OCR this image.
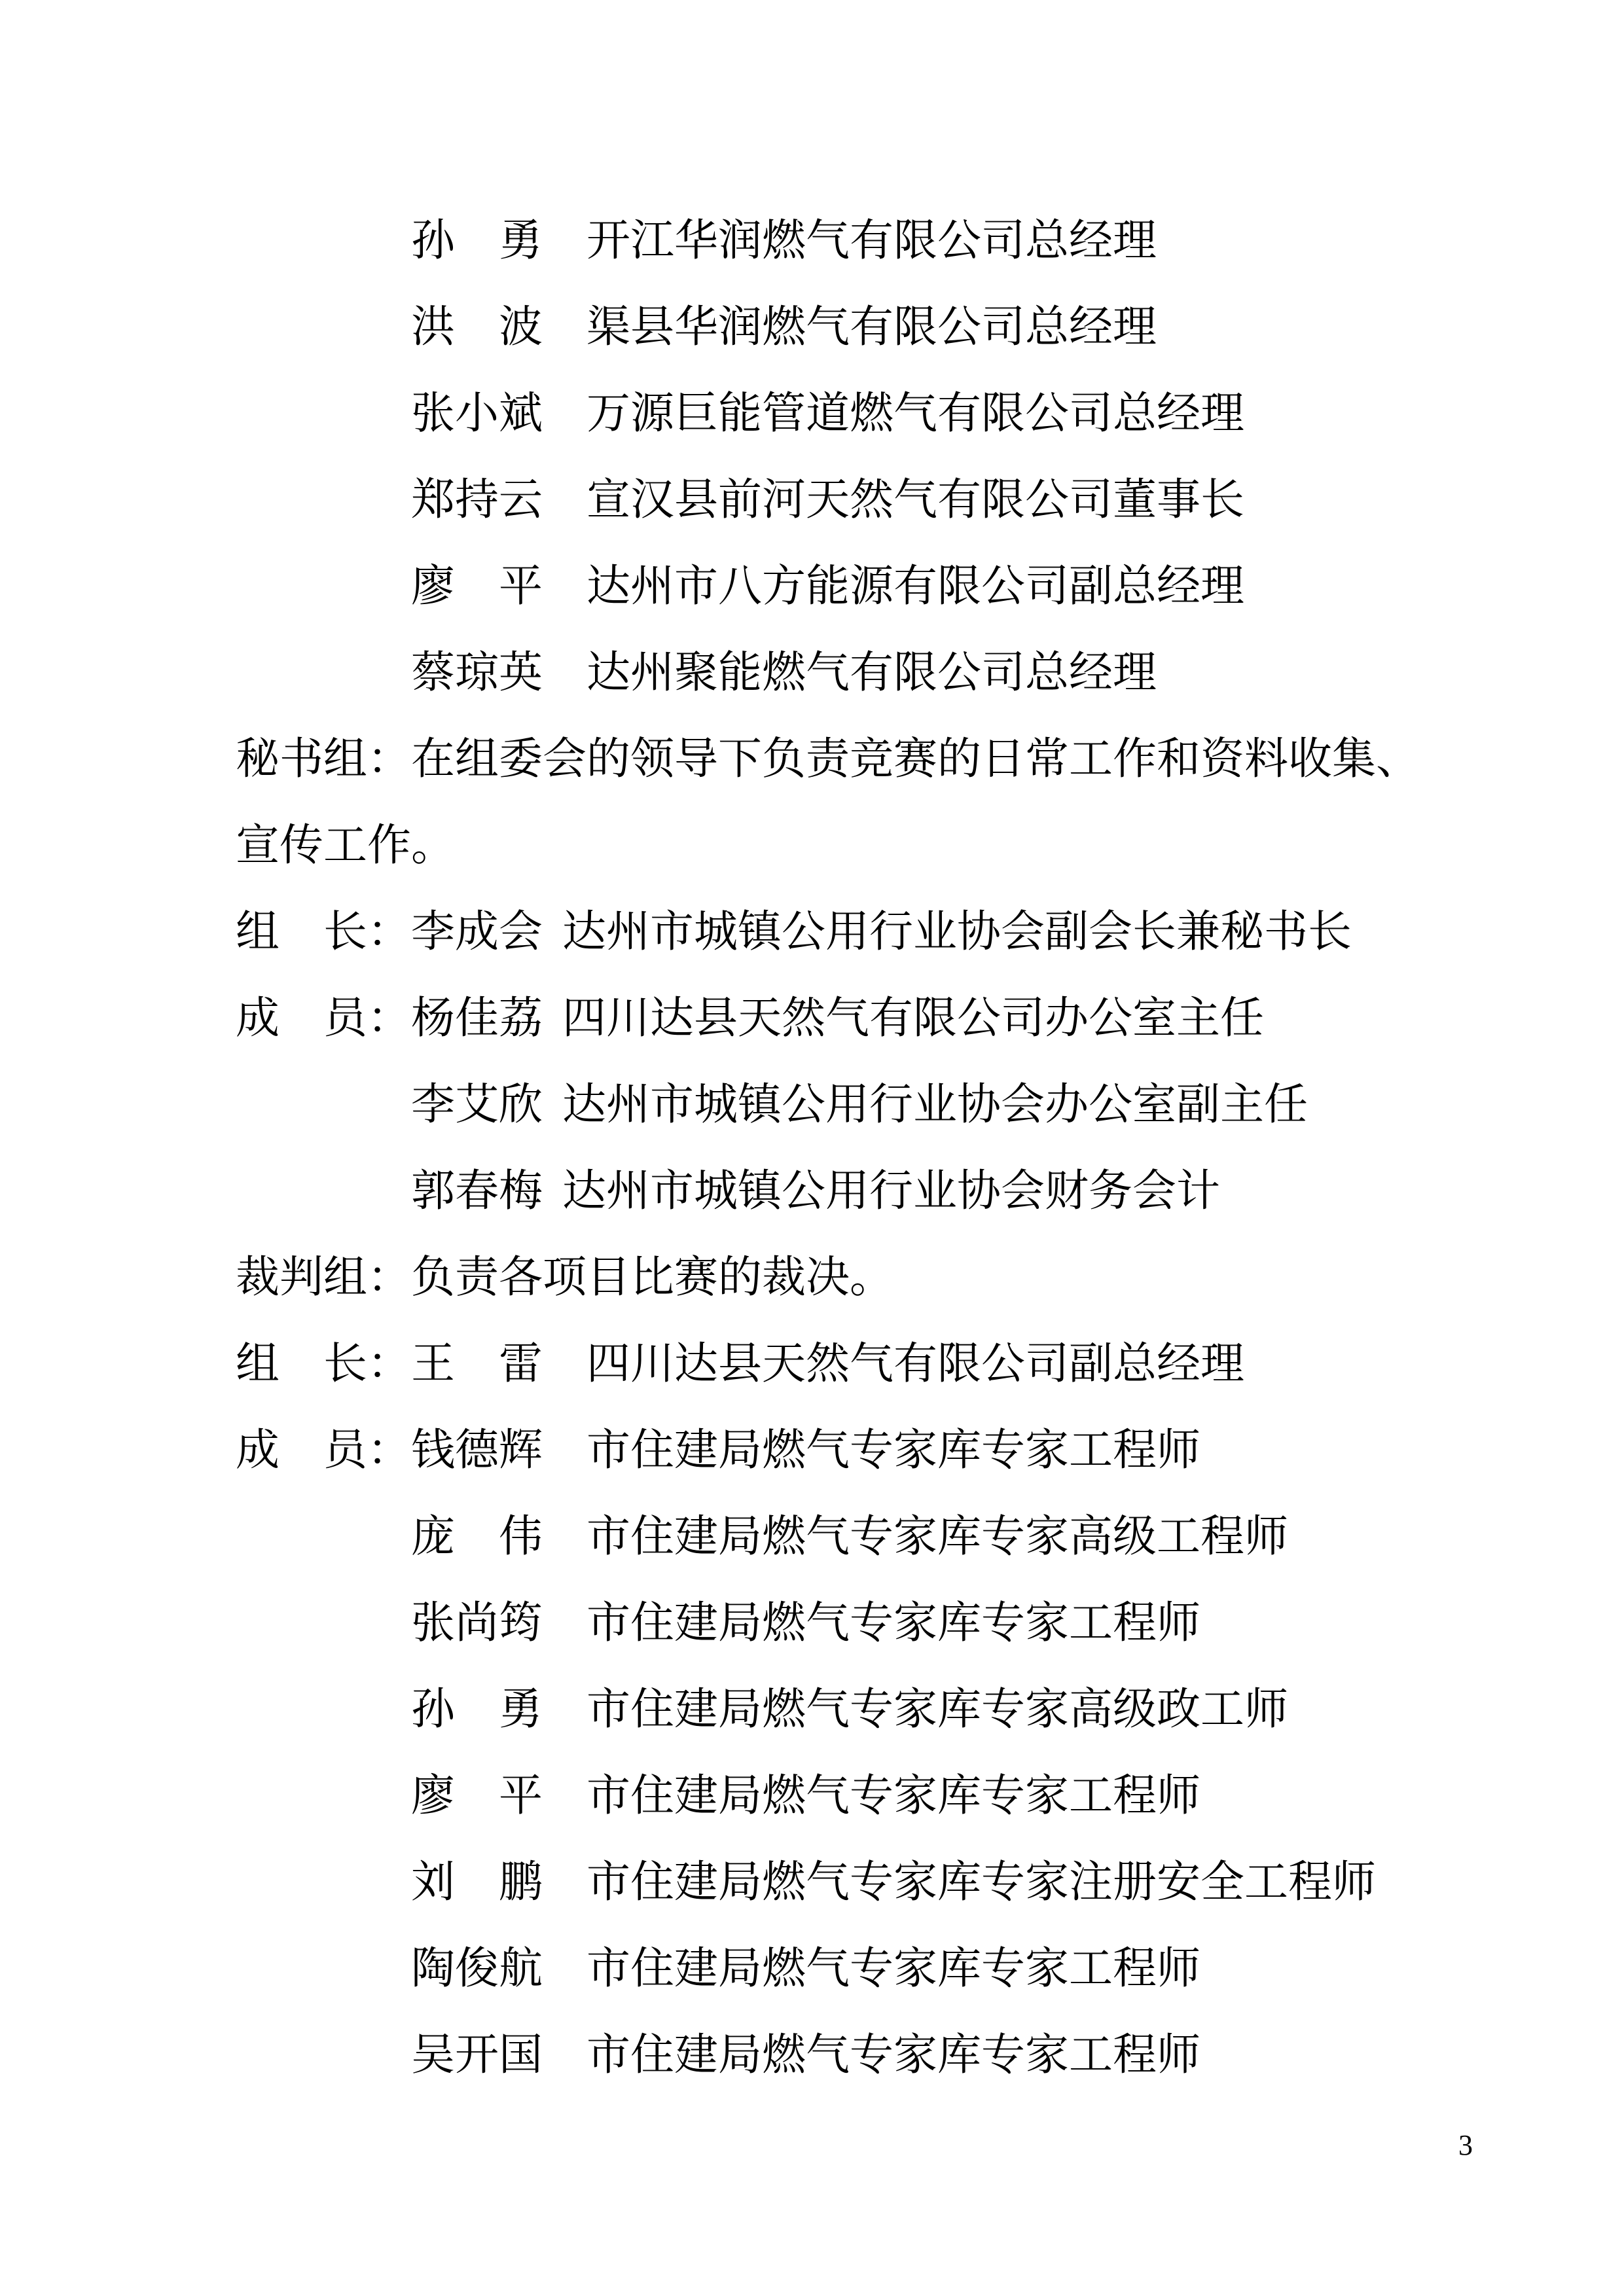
孙　勇 开江华润燃气有限公司总经理
洪　波 渠县华润燃气有限公司总经理
张小斌 万源巨能管道燃气有限公司总经理
郑持云 宣汉县前河天然气有限公司董事长
廖　平 达州市八方能源有限公司副总经理
蔡琼英 达州聚能燃气有限公司总经理
秘书组：在组委会的领导下负责竞赛的日常工作和资料收集、
宣传工作。
组　长：李成会 达州市城镇公用行业协会副会长兼秘书长
成　员：杨佳荔 四川达县天然气有限公司办公室主任
李艾欣 达州市城镇公用行业协会办公室副主任
郭春梅 达州市城镇公用行业协会财务会计
裁判组：负责各项目比赛的裁决。
组　长：王　雷 四川达县天然气有限公司副总经理
成　员：钱德辉 市住建局燃气专家库专家工程师
庞　伟 市住建局燃气专家库专家高级工程师
张尚筠 市住建局燃气专家库专家工程师
孙　勇 市住建局燃气专家库专家高级政工师
廖　平 市住建局燃气专家库专家工程师
刘　鹏 市住建局燃气专家库专家注册安全工程师
陶俊航 市住建局燃气专家库专家工程师
吴开国 市住建局燃气专家库专家工程师
3
